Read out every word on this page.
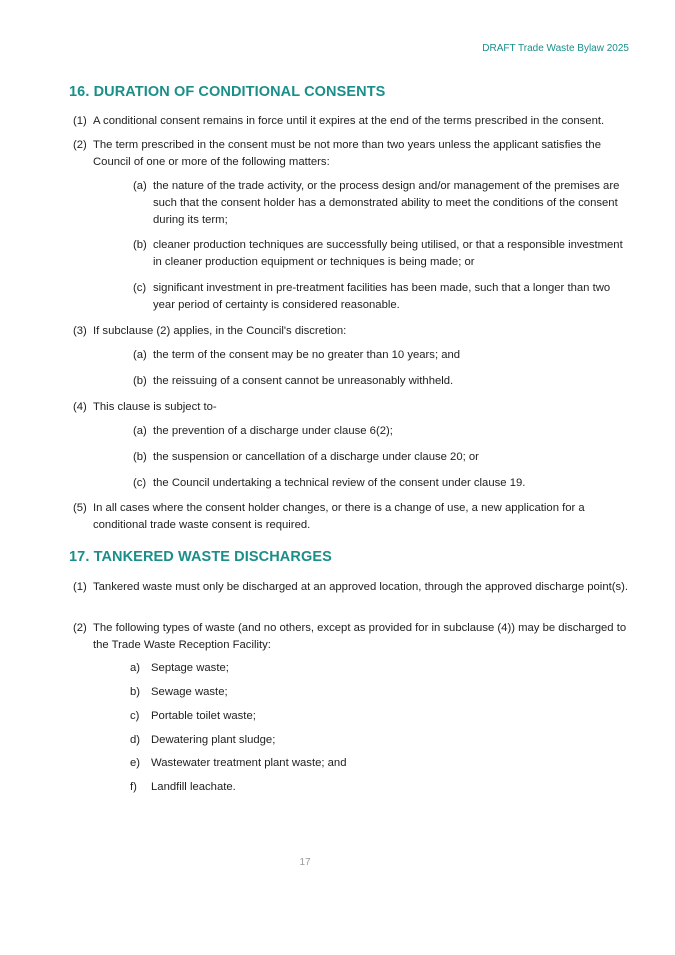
DRAFT Trade Waste Bylaw 2025
16. DURATION OF CONDITIONAL CONSENTS
(1) A conditional consent remains in force until it expires at the end of the terms prescribed in the consent.
(2) The term prescribed in the consent must be not more than two years unless the applicant satisfies the Council of one or more of the following matters:
(a) the nature of the trade activity, or the process design and/or management of the premises are such that the consent holder has a demonstrated ability to meet the conditions of the consent during its term;
(b) cleaner production techniques are successfully being utilised, or that a responsible investment in cleaner production equipment or techniques is being made; or
(c) significant investment in pre-treatment facilities has been made, such that a longer than two year period of certainty is considered reasonable.
(3) If subclause (2) applies, in the Council's discretion:
(a) the term of the consent may be no greater than 10 years; and
(b) the reissuing of a consent cannot be unreasonably withheld.
(4) This clause is subject to-
(a) the prevention of a discharge under clause 6(2);
(b) the suspension or cancellation of a discharge under clause 20; or
(c) the Council undertaking a technical review of the consent under clause 19.
(5) In all cases where the consent holder changes, or there is a change of use, a new application for a conditional trade waste consent is required.
17. TANKERED WASTE DISCHARGES
(1) Tankered waste must only be discharged at an approved location, through the approved discharge point(s).
(2) The following types of waste (and no others, except as provided for in subclause (4)) may be discharged to the Trade Waste Reception Facility:
a) Septage waste;
b) Sewage waste;
c)	Portable toilet waste;
d) Dewatering plant sludge;
e) Wastewater treatment plant waste; and
f)	Landfill leachate.
17
